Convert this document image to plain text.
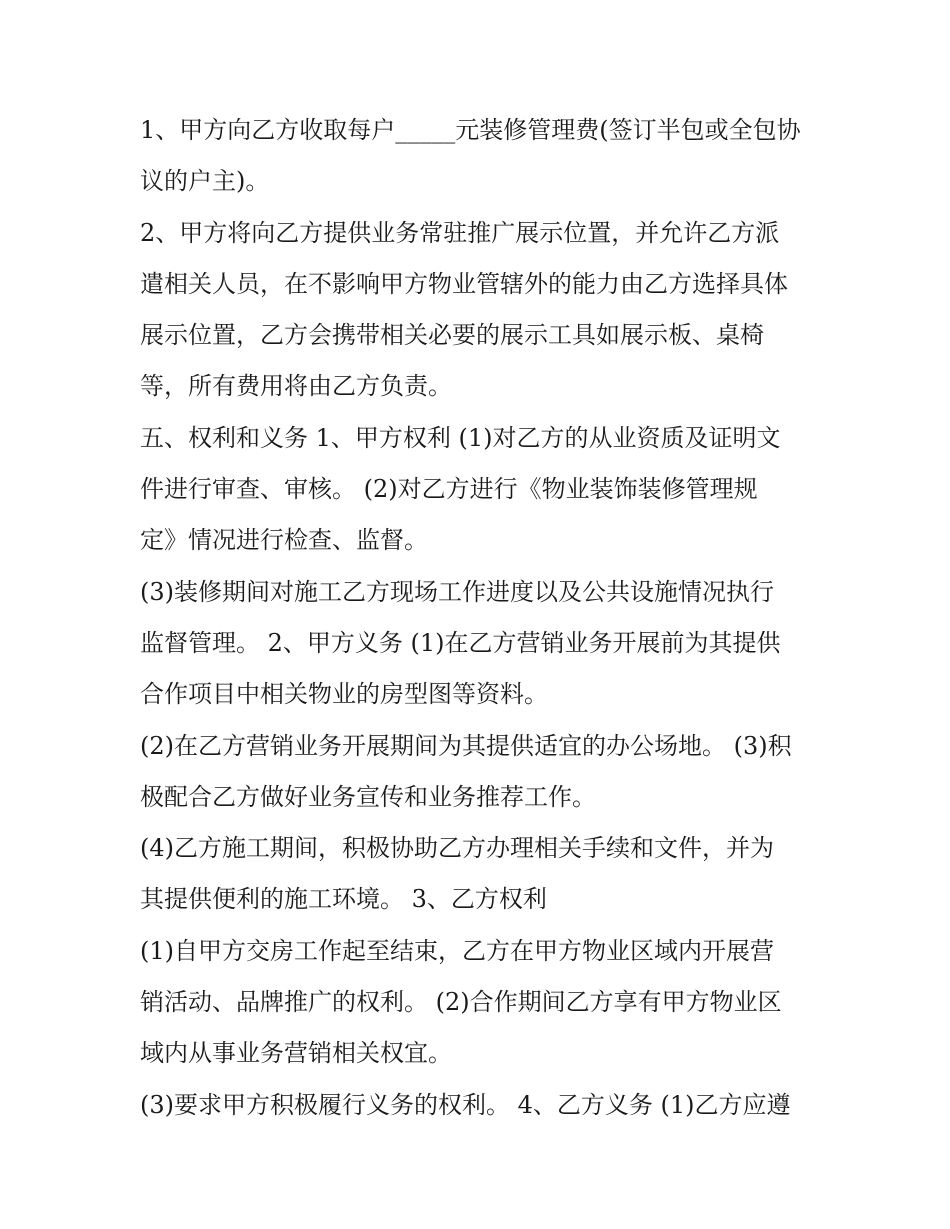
1、甲方向乙方收取每户_____元装修管理费(签订半包或全包协
议的户主)。
2、甲方将向乙方提供业务常驻推广展示位置，并允许乙方派
遣相关人员，在不影响甲方物业管辖外的能力由乙方选择具体
展示位置，乙方会携带相关必要的展示工具如展示板、桌椅
等，所有费用将由乙方负责。
五、权利和义务 1、甲方权利 (1)对乙方的从业资质及证明文
件进行审查、审核。 (2)对乙方进行《物业装饰装修管理规
定》情况进行检查、监督。
(3)装修期间对施工乙方现场工作进度以及公共设施情况执行
监督管理。 2、甲方义务 (1)在乙方营销业务开展前为其提供
合作项目中相关物业的房型图等资料。
(2)在乙方营销业务开展期间为其提供适宜的办公场地。 (3)积
极配合乙方做好业务宣传和业务推荐工作。
(4)乙方施工期间，积极协助乙方办理相关手续和文件，并为
其提供便利的施工环境。 3、乙方权利
(1)自甲方交房工作起至结束，乙方在甲方物业区域内开展营
销活动、品牌推广的权利。 (2)合作期间乙方享有甲方物业区
域内从事业务营销相关权宜。
(3)要求甲方积极履行义务的权利。 4、乙方义务 (1)乙方应遵
